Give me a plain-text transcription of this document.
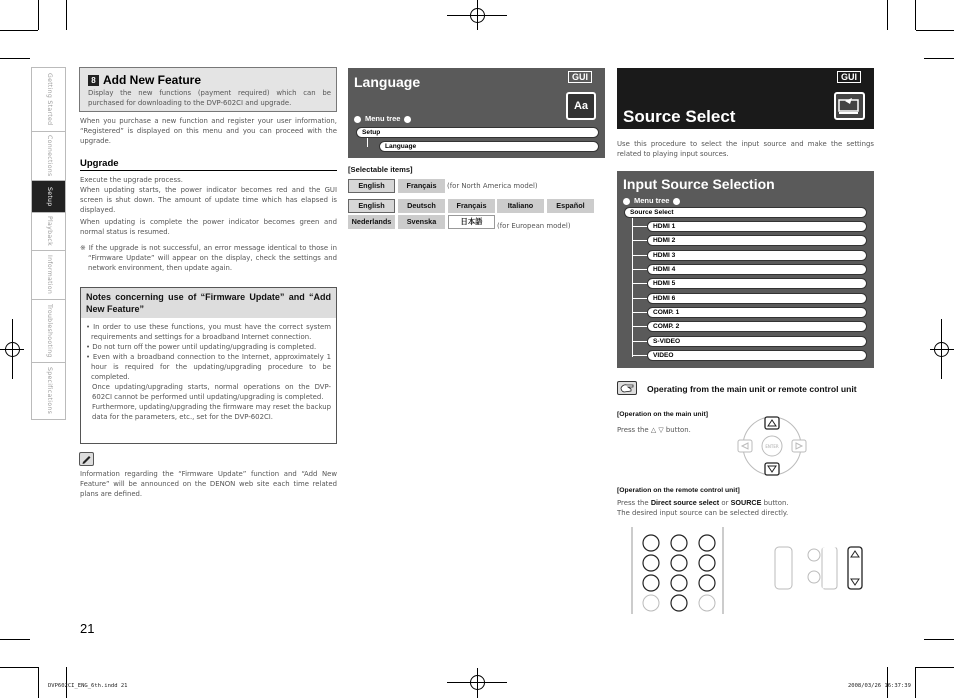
Getting Started
Connections
Setup
Playback
Information
Troubleshooting
Specifications
8 Add New Feature

Display the new functions (payment required) which can be purchased for downloading to the DVP-602CI and upgrade.

When you purchase a new function and register your user information, “Registered” is displayed on this menu and you can proceed with the upgrade.

Upgrade

Execute the upgrade process.

When updating starts, the power indicator becomes red and the GUI screen is shut down. The amount of update time which has elapsed is displayed.

When updating is complete the power indicator becomes green and normal status is resumed.

※ If the upgrade is not successful, an error message identical to those in “Firmware Update” will appear on the display, check the settings and network environment, then update again.

Notes concerning use of “Firmware Update” and “Add New Feature”
• In order to use these functions, you must have the correct system requirements and settings for a broadband Internet connection.
• Do not turn off the power until updating/upgrading is completed.
• Even with a broadband connection to the Internet, approximately 1 hour is required for the updating/upgrading procedure to be completed.
Once updating/upgrading starts, normal operations on the DVP-602CI cannot be performed until updating/upgrading is completed.
Furthermore, updating/upgrading the firmware may reset the backup data for the parameters, etc., set for the DVP-602CI.

Information regarding the “Firmware Update” function and “Add New Feature” will be announced on the DENON web site each time related plans are defined.

21
DVP602CI_ENG_6th.indd 21	2008/03/26 16:37:39
Language	GUI
Aa
Menu tree
Setup
Language
[Selectable items]
English	Français	(for North America model)
English	Deutsch	Français	Italiano	Español
Nederlands	Svenska	日本語	(for European model)
Source Select
GUI

Use this procedure to select the input source and make the settings related to playing input sources.

Input Source Selection
Menu tree
Source Select
HDMI 1
HDMI 2
HDMI 3
HDMI 4
HDMI 5
HDMI 6
COMP. 1
COMP. 2
S-VIDEO
VIDEO
Operating from the main unit or remote control unit
[Operation on the main unit]
Press the △ ▽ button.
ENTER
[Operation on the remote control unit]
Press the Direct source select or SOURCE button.
The desired input source can be selected directly.
